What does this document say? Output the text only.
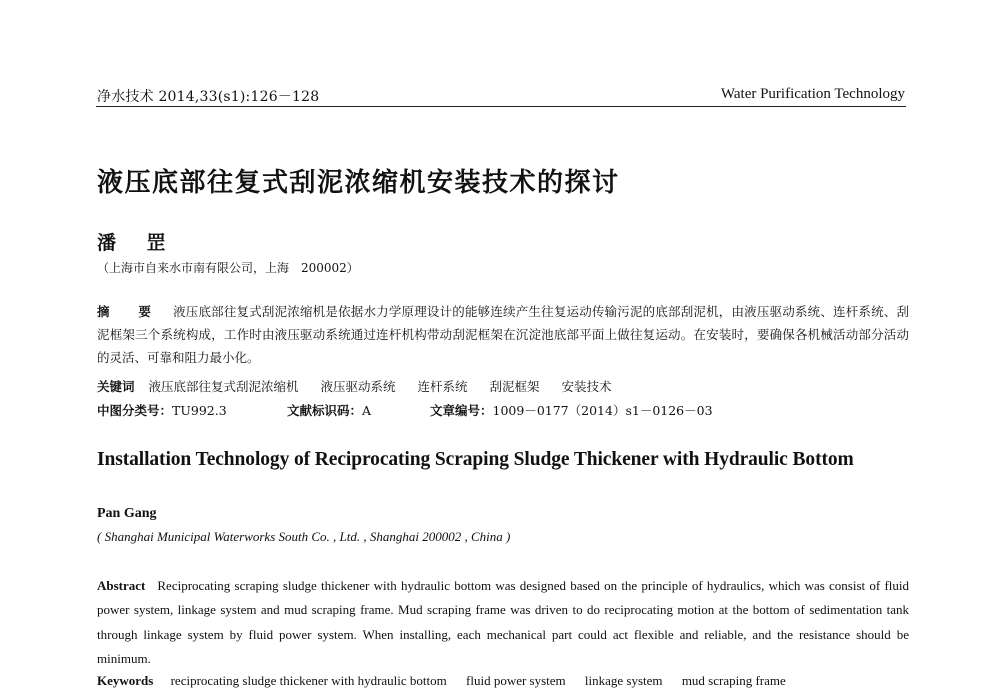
净水技术 2014,33(s1):126－128	Water Purification Technology
液压底部往复式刮泥浓缩机安装技术的探讨
潘 罡
（上海市自来水市南有限公司，上海　200002）
摘　要 液压底部往复式刮泥浓缩机是依据水力学原理设计的能够连续产生往复运动传输污泥的底部刮泥机，由液压驱动系统、连杆系统、刮泥框架三个系统构成，工作时由液压驱动系统通过连杆机构带动刮泥框架在沉淀池底部平面上做往复运动。在安装时，要确保各机械活动部分活动的灵活、可靠和阻力最小化。
关键词 液压底部往复式刮泥浓缩机 液压驱动系统 连杆系统 刮泥框架 安装技术
中图分类号：TU992.3	文献标识码：A	文章编号：1009－0177（2014）s1－0126－03
Installation Technology of Reciprocating Scraping Sludge Thickener with Hydraulic Bottom
Pan Gang
( Shanghai Municipal Waterworks South Co. , Ltd. , Shanghai 200002 , China )
Abstract Reciprocating scraping sludge thickener with hydraulic bottom was designed based on the principle of hydraulics, which was consist of fluid power system, linkage system and mud scraping frame. Mud scraping frame was driven to do reciprocating motion at the bottom of sedimentation tank through linkage system by fluid power system. When installing, each mechanical part could act flexible and reliable, and the resistance should be minimum.
Keywords reciprocating sludge thickener with hydraulic bottom fluid power system linkage system mud scraping frame
